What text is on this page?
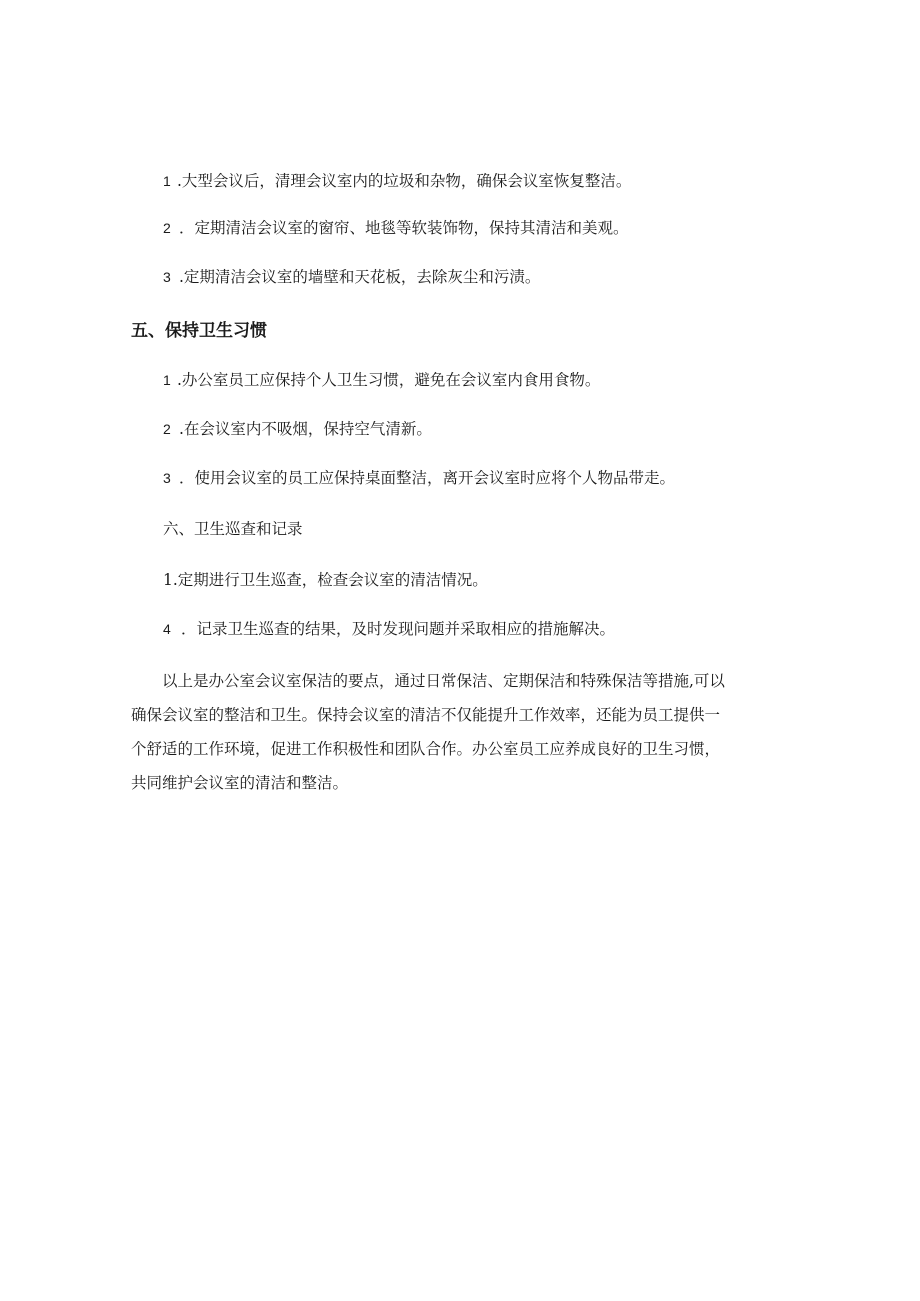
1 .大型会议后，清理会议室内的垃圾和杂物，确保会议室恢复整洁。
2 ．定期清洁会议室的窗帘、地毯等软装饰物，保持其清洁和美观。
3 .定期清洁会议室的墙壁和天花板，去除灰尘和污渍。
五、保持卫生习惯
1 .办公室员工应保持个人卫生习惯，避免在会议室内食用食物。
2 .在会议室内不吸烟，保持空气清新。
3 ．使用会议室的员工应保持桌面整洁，离开会议室时应将个人物品带走。
六、卫生巡查和记录
1.定期进行卫生巡查，检查会议室的清洁情况。
4 ．记录卫生巡查的结果，及时发现问题并采取相应的措施解决。
以上是办公室会议室保洁的要点，通过日常保洁、定期保洁和特殊保洁等措施,可以
确保会议室的整洁和卫生。保持会议室的清洁不仅能提升工作效率，还能为员工提供一
个舒适的工作环境，促进工作积极性和团队合作。办公室员工应养成良好的卫生习惯，
共同维护会议室的清洁和整洁。
